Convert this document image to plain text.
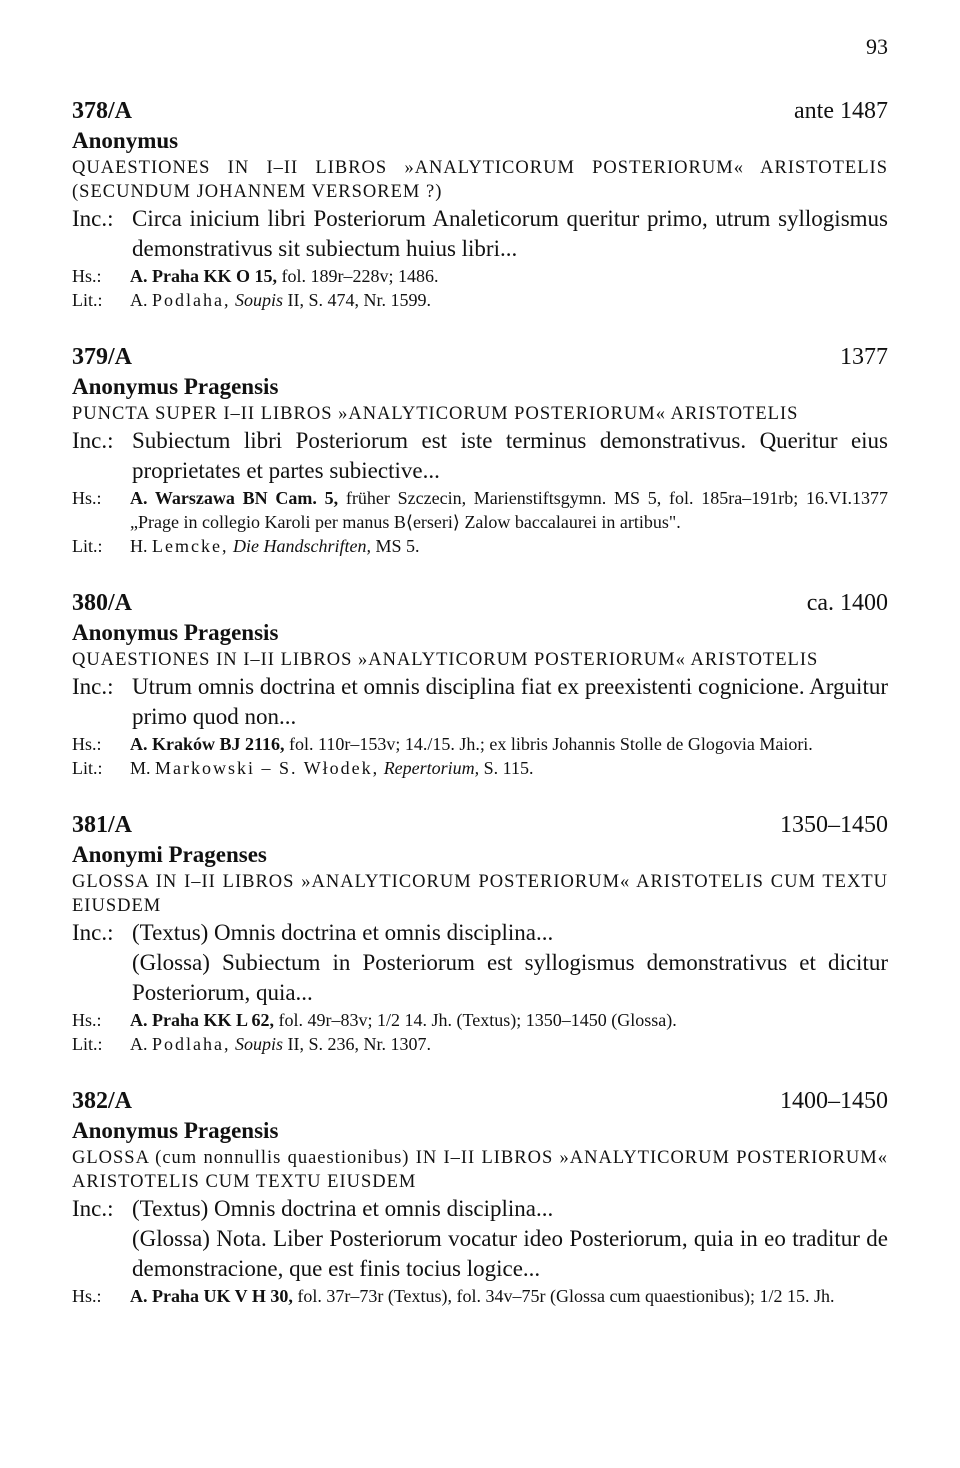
93
378/A	ante 1487
Anonymus
QUAESTIONES IN I–II LIBROS »ANALYTICORUM POSTERIORUM« ARISTOTELIS (SECUNDUM JOHANNEM VERSOREM ?)
Inc.: Circa inicium libri Posteriorum Analeticorum queritur primo, utrum syllogismus demonstrativus sit subiectum huius libri...

Hs.:	A. Praha KK O 15, fol. 189r–228v; 1486.
Lit.:	A. Podlaha, Soupis II, S. 474, Nr. 1599.
379/A	1377
Anonymus Pragensis
PUNCTA SUPER I–II LIBROS »ANALYTICORUM POSTERIORUM« ARISTOTELIS
Inc.: Subiectum libri Posteriorum est iste terminus demonstrativus. Queritur eius proprietates et partes subiective...

Hs.:	A. Warszawa BN Cam. 5, früher Szczecin, Marienstiftsgymn. MS 5, fol. 185ra–191rb; 16.VI.1377 „Prage in collegio Karoli per manus B⟨erseri⟩ Zalow baccalaurei in artibus".
Lit.:	H. Lemcke, Die Handschriften, MS 5.
380/A	ca. 1400
Anonymus Pragensis
QUAESTIONES IN I–II LIBROS »ANALYTICORUM POSTERIORUM« ARISTOTELIS
Inc.: Utrum omnis doctrina et omnis disciplina fiat ex preexistenti cognicione. Arguitur primo quod non...

Hs.:	A. Kraków BJ 2116, fol. 110r–153v; 14./15. Jh.; ex libris Johannis Stolle de Glogovia Maiori.
Lit.:	M. Markowski – S. Włodek, Repertorium, S. 115.
381/A	1350–1450
Anonymi Pragenses
GLOSSA IN I–II LIBROS »ANALYTICORUM POSTERIORUM« ARISTOTELIS CUM TEXTU EIUSDEM
Inc.: (Textus) Omnis doctrina et omnis disciplina...

(Glossa) Subiectum in Posteriorum est syllogismus demonstrativus et dicitur Posteriorum, quia...

Hs.:	A. Praha KK L 62, fol. 49r–83v; 1/2 14. Jh. (Textus); 1350–1450 (Glossa).
Lit.:	A. Podlaha, Soupis II, S. 236, Nr. 1307.
382/A	1400–1450
Anonymus Pragensis
GLOSSA (cum nonnullis quaestionibus) IN I–II LIBROS »ANALYTICORUM POSTERIORUM« ARISTOTELIS CUM TEXTU EIUSDEM
Inc.: (Textus) Omnis doctrina et omnis disciplina...

(Glossa) Nota. Liber Posteriorum vocatur ideo Posteriorum, quia in eo traditur de demonstracione, que est finis tocius logice...

Hs.:	A. Praha UK V H 30, fol. 37r–73r (Textus), fol. 34v–75r (Glossa cum quaestionibus); 1/2 15. Jh.
